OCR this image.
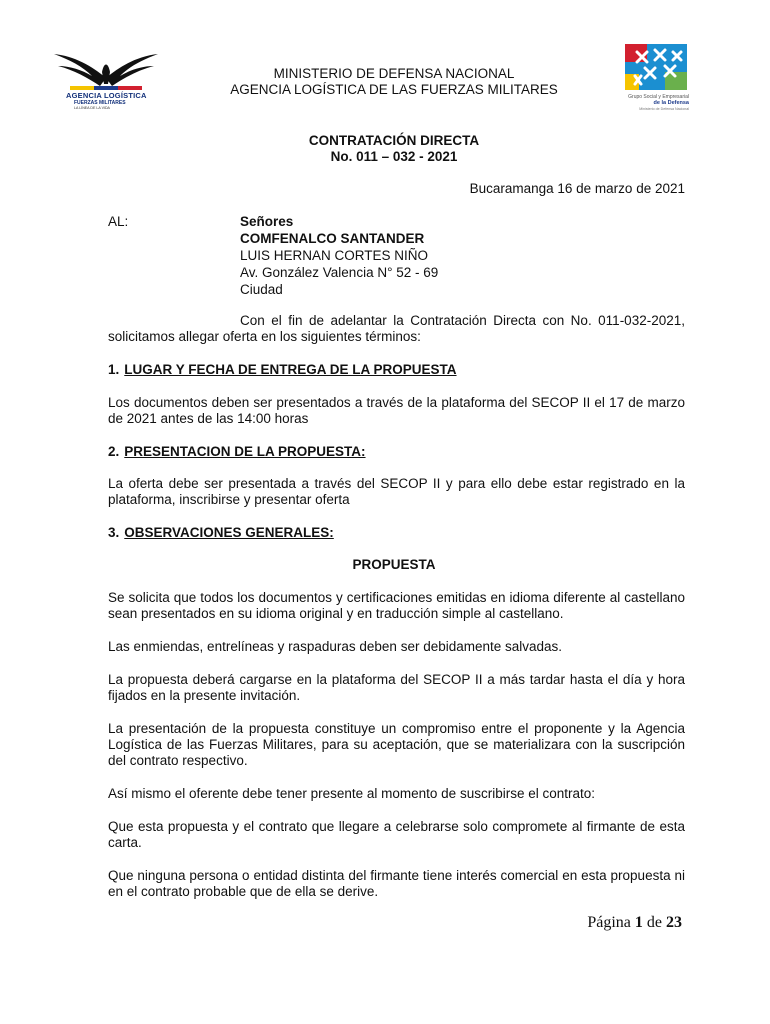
AGENCIA LOGÍSTICA
FUERZAS MILITARES
LA LÍNEA DE LA VIDA
Grupo Social y Empresarial
de la Defensa
Ministerio de Defensa Nacional
MINISTERIO DE DEFENSA NACIONAL
AGENCIA LOGÍSTICA DE LAS FUERZAS MILITARES
CONTRATACIÓN DIRECTA
No. 011 – 032 - 2021
Bucaramanga 16 de marzo de 2021
AL:	Señores
COMFENALCO SANTANDER
LUIS HERNAN CORTES NIÑO
Av. González Valencia N° 52 - 69
Ciudad
Con el fin de adelantar la Contratación Directa con No. 011-032-2021, solicitamos allegar oferta en los siguientes términos:
1. LUGAR Y FECHA DE ENTREGA DE LA PROPUESTA
Los documentos deben ser presentados a través de la plataforma del SECOP II el 17 de marzo de 2021 antes de las 14:00 horas
2. PRESENTACION DE LA PROPUESTA:
La oferta debe ser presentada a través del SECOP II y para ello debe estar registrado en la plataforma, inscribirse y presentar oferta
3. OBSERVACIONES GENERALES:
PROPUESTA
Se solicita que todos los documentos y certificaciones emitidas en idioma diferente al castellano sean presentados en su idioma original y en traducción simple al castellano.
Las enmiendas, entrelíneas y raspaduras deben ser debidamente salvadas.
La propuesta deberá cargarse en la plataforma del SECOP II a más tardar hasta el día y hora fijados en la presente invitación.
La presentación de la propuesta constituye un compromiso entre el proponente y la Agencia Logística de las Fuerzas Militares, para su aceptación, que se materializara con la suscripción del contrato respectivo.
Así mismo el oferente debe tener presente al momento de suscribirse el contrato:
Que esta propuesta y el contrato que llegare a celebrarse solo compromete al firmante de esta carta.
Que ninguna persona o entidad distinta del firmante tiene interés comercial en esta propuesta ni en el contrato probable que de ella se derive.
Página 1 de 23
